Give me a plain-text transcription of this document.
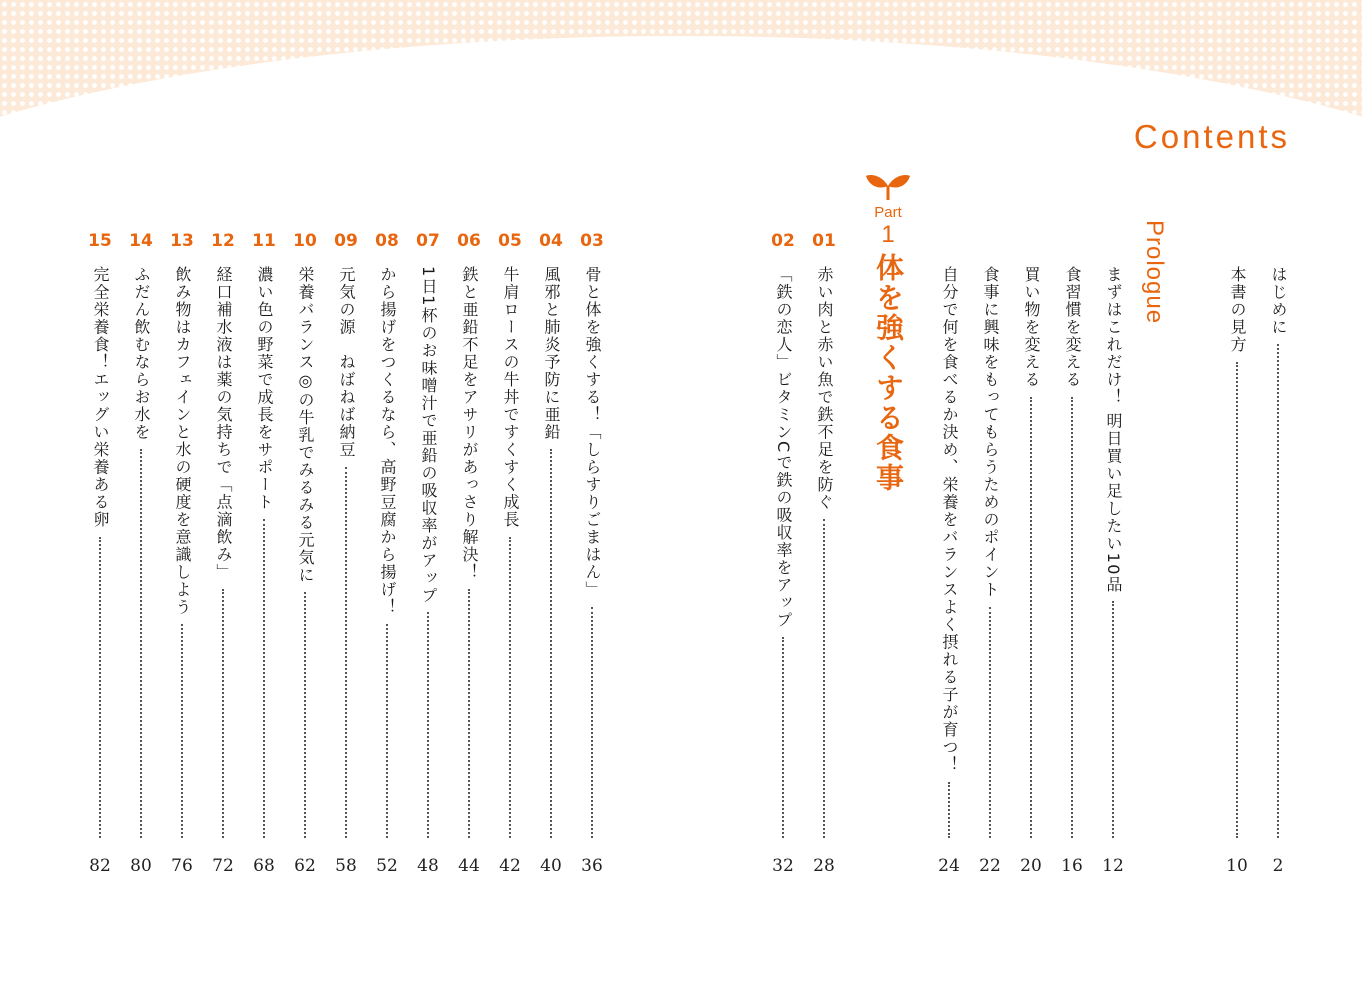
Contents
はじめに
2
本書の見方
10
Prologue
まずはこれだけ！ 明日買い足したい10品
12
食習慣を変える
16
買い物を変える
20
食事に興味をもってもらうためのポイント
22
自分で何を食べるか決め、栄養をバランスよく摂れる子が育つ！
24
Part
1
体を強くする食事
01
赤い肉と赤い魚で鉄不足を防ぐ
28
02
「鉄の恋人」ビタミンCで鉄の吸収率をアップ
32
03
骨と体を強くする！「しらすりごまはん」
36
04
風邪と肺炎予防に亜鉛
40
05
牛肩ロースの牛丼ですくすく成長
42
06
鉄と亜鉛不足をアサリがあっさり解決！
44
07
1日1杯のお味噌汁で亜鉛の吸収率がアップ
48
08
から揚げをつくるなら、高野豆腐から揚げ！
52
09
元気の源　ねばねば納豆
58
10
栄養バランス◎の牛乳でみるみる元気に
62
11
濃い色の野菜で成長をサポート
68
12
経口補水液は薬の気持ちで「点滴飲み」
72
13
飲み物はカフェインと水の硬度を意識しよう
76
14
ふだん飲むならお水を
80
15
完全栄養食！エッグい栄養ある卵
82
